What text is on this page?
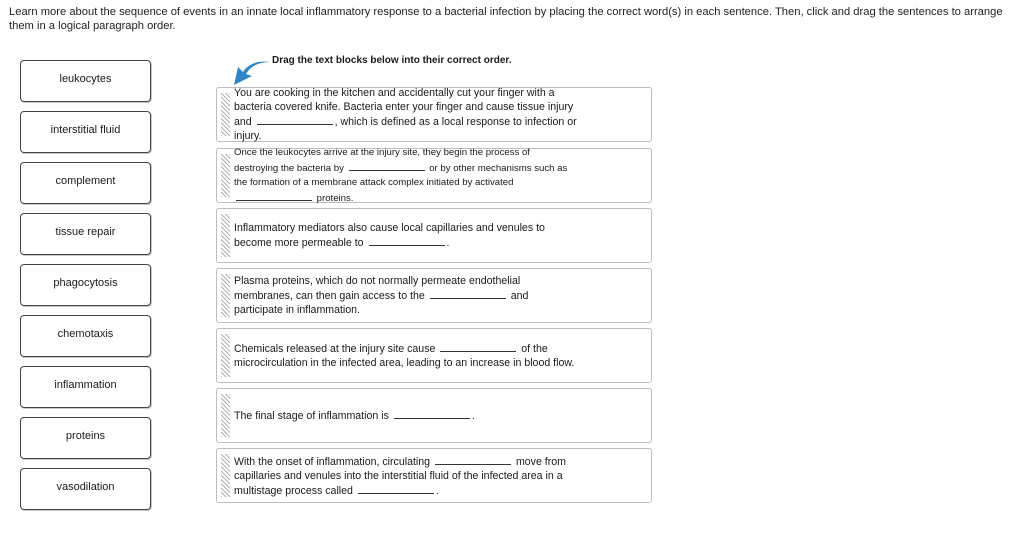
Learn more about the sequence of events in an innate local inflammatory response to a bacterial infection by placing the correct word(s) in each sentence. Then, click and drag the sentences to arrange them in a logical paragraph order.
leukocytes
interstitial fluid
complement
tissue repair
phagocytosis
chemotaxis
inflammation
proteins
vasodilation
Drag the text blocks below into their correct order.
You are cooking in the kitchen and accidentally cut your finger with a
bacteria covered knife. Bacteria enter your finger and cause tissue injury
and	, which is defined as a local response to infection or
injury.
Once the leukocytes arrive at the injury site, they begin the process of
destroying the bacteria by	or by other mechanisms such as
the formation of a membrane attack complex initiated by activated
proteins.
Inflammatory mediators also cause local capillaries and venules to
become more permeable to	.
Plasma proteins, which do not normally permeate endothelial
membranes, can then gain access to the	and
participate in inflammation.
Chemicals released at the injury site cause	of the
microcirculation in the infected area, leading to an increase in blood flow.
The final stage of inflammation is	.
With the onset of inflammation, circulating	move from
capillaries and venules into the interstitial fluid of the infected area in a
multistage process called	.
